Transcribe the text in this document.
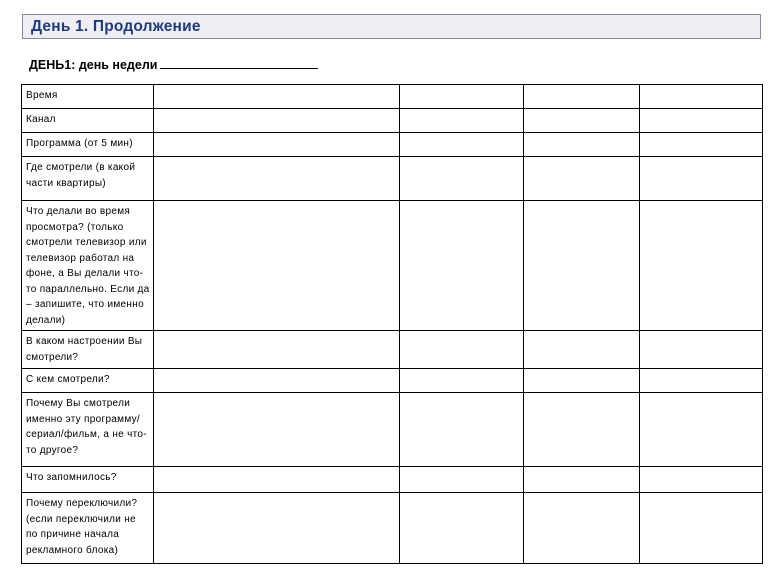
День 1. Продолжение
ДЕНЬ1: день недели
Время				
Канал				
Программа (от 5 мин)				
Где смотрели (в какой части квартиры)				
Что делали во время просмотра? (только смотрели телевизор или телевизор работал на фоне, а Вы делали что-то параллельно. Если да – запишите, что именно делали)				
В каком настроении Вы смотрели?				
С кем смотрели?				
Почему Вы смотрели именно эту программу/сериал/фильм, а не что-то другое?				
Что запомнилось?				
Почему переключили? (если переключили не по причине начала рекламного блока)				
